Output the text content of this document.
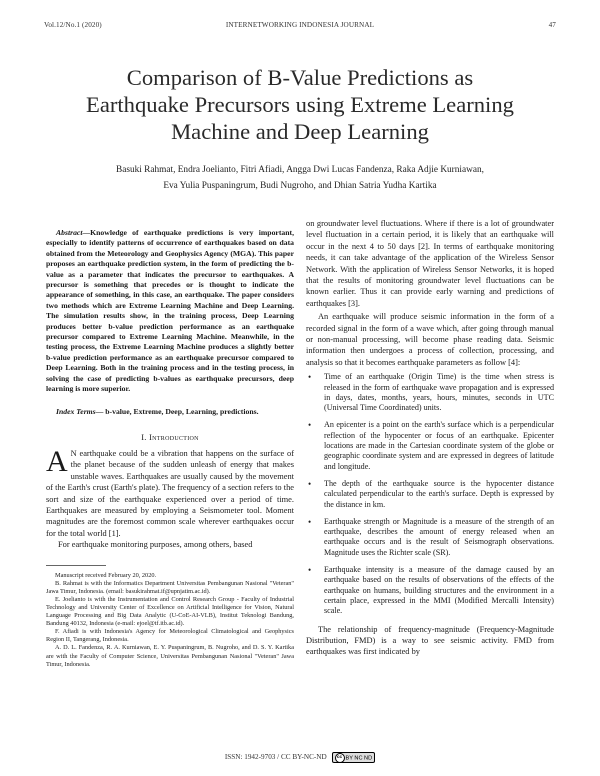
Vol.12/No.1 (2020)	INTERNETWORKING INDONESIA JOURNAL	47
Comparison of B-Value Predictions as
Earthquake Precursors using Extreme Learning
Machine and Deep Learning
Basuki Rahmat, Endra Joelianto, Fitri Afiadi, Angga Dwi Lucas Fandenza, Raka Adjie Kurniawan,
Eva Yulia Puspaningrum, Budi Nugroho, and Dhian Satria Yudha Kartika

Abstract—Knowledge of earthquake predictions is very important, especially to identify patterns of occurrence of earthquakes based on data obtained from the Meteorology and Geophysics Agency (MGA). This paper proposes an earthquake prediction system, in the form of predicting the b-value as a parameter that indicates the precursor to earthquakes. A precursor is something that precedes or is thought to indicate the appearance of something, in this case, an earthquake. The paper considers two methods which are Extreme Learning Machine and Deep Learning. The simulation results show, in the training process, Deep Learning produces better b-value prediction performance as an earthquake precursor compared to Extreme Learning Machine. Meanwhile, in the testing process, the Extreme Learning Machine produces a slightly better b-value prediction performance as an earthquake precursor compared to Deep Learning. Both in the training process and in the testing process, in solving the case of predicting b-values as earthquake precursors, deep learning is more superior.

Index Terms— b-value, Extreme, Deep, Learning, predictions.

I. Introduction

A N earthquake could be a vibration that happens on the surface of the planet because of the sudden unleash of energy that makes unstable waves. Earthquakes are usually caused by the movement of the Earth's crust (Earth's plate). The frequency of a section refers to the sort and size of the earthquake experienced over a period of time. Earthquakes are measured by employing a Seismometer tool. Moment magnitudes are the foremost common scale wherever earthquakes occur for the total world [1].

For earthquake monitoring purposes, among others, based

Manuscript received February 20, 2020.

B. Rahmat is with the Informatics Department Universitas Pembangunan Nasional "Veteran" Jawa Timur, Indonesia. (email: basukirahmat.if@upnjatim.ac.id).

E. Joelianto is with the Instrumentation and Control Research Group - Faculty of Industrial Technology and University Center of Excellence on Artificial Intelligence for Vision, Natural Language Processing and Big Data Analytic (U-CoE-AI-VLB), Institut Teknologi Bandung, Bandung 40132, Indonesia (e-mail: ejoel@tf.itb.ac.id).

F. Afiadi is with Indonesia's Agency for Meteorological Climatological and Geophysics Region II, Tangerang, Indonesia.

A. D. L. Fandenza, R. A. Kurniawan, E. Y. Puspaningrum, B. Nugroho, and D. S. Y. Kartika are with the Faculty of Computer Science, Universitas Pembangunan Nasional "Veteran" Jawa Timur, Indonesia.

on groundwater level fluctuations. Where if there is a lot of groundwater level fluctuation in a certain period, it is likely that an earthquake will occur in the next 4 to 50 days [2]. In terms of earthquake monitoring needs, it can take advantage of the application of the Wireless Sensor Network. With the application of Wireless Sensor Networks, it is hoped that the results of monitoring groundwater level fluctuations can be known earlier. Thus it can provide early warning and predictions of earthquakes [3].

An earthquake will produce seismic information in the form of a recorded signal in the form of a wave which, after going through manual or non-manual processing, will become phase reading data. Seismic information then undergoes a process of collection, processing, and analysis so that it becomes earthquake parameters as follow [4]:

• Time of an earthquake (Origin Time) is the time when stress is released in the form of earthquake wave propagation and is expressed in days, dates, months, years, hours, minutes, seconds in UTC (Universal Time Coordinated) units.
• An epicenter is a point on the earth's surface which is a perpendicular reflection of the hypocenter or focus of an earthquake. Epicenter locations are made in the Cartesian coordinate system of the globe or geographic coordinate system and are expressed in degrees of latitude and longitude.
• The depth of the earthquake source is the hypocenter distance calculated perpendicular to the earth's surface. Depth is expressed by the distance in km.
• Earthquake strength or Magnitude is a measure of the strength of an earthquake, describes the amount of energy released when an earthquake occurs and is the result of Seismograph observations. Magnitude uses the Richter scale (SR).
• Earthquake intensity is a measure of the damage caused by an earthquake based on the results of observations of the effects of the earthquake on humans, building structures and the environment in a certain place, expressed in the MMI (Modified Mercalli Intensity) scale.

The relationship of frequency-magnitude (Frequency-Magnitude Distribution, FMD) is a way to see seismic activity. FMD from earthquakes was first indicated by

ISSN: 1942-9703 / CC BY-NC-ND cc BY NC ND
